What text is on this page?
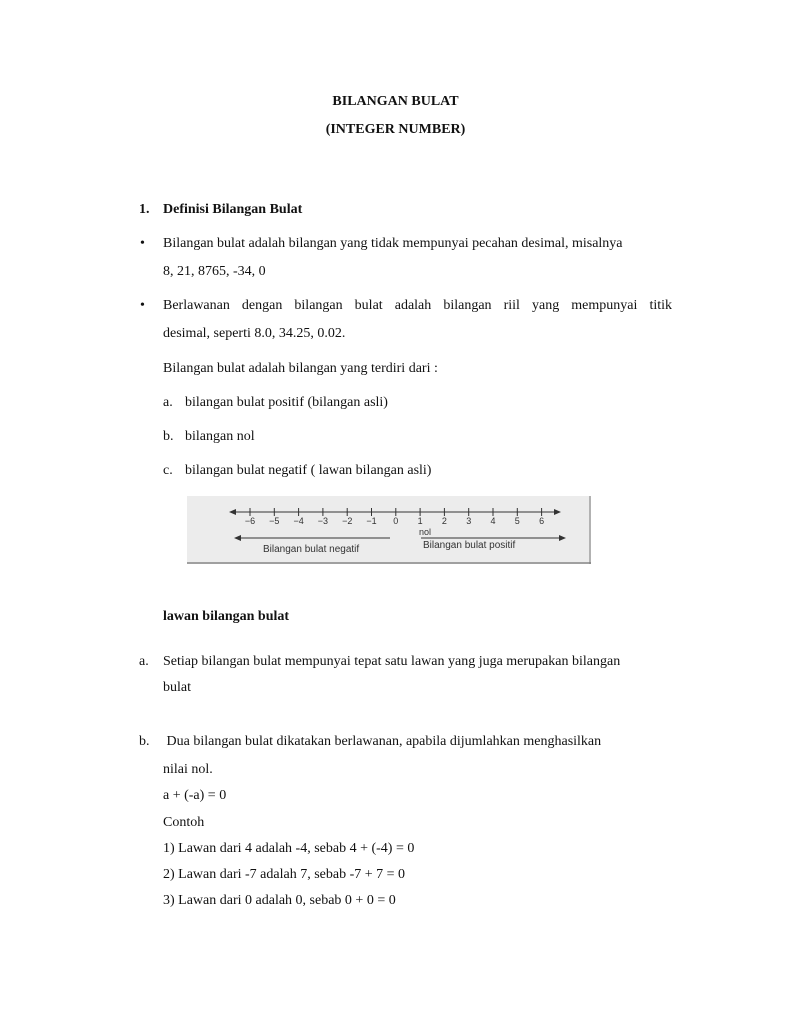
BILANGAN BULAT
(INTEGER NUMBER)
1. Definisi Bilangan Bulat
• Bilangan bulat adalah bilangan yang tidak mempunyai pecahan desimal, misalnya
8, 21, 8765, -34, 0
• Berlawanan dengan bilangan bulat adalah bilangan riil yang mempunyai titik
desimal, seperti 8.0, 34.25, 0.02.
Bilangan bulat adalah bilangan yang terdiri dari :
a. bilangan bulat positif (bilangan asli)
b. bilangan nol
c. bilangan bulat negatif ( lawan bilangan asli)
−6 −5 −4 −3 −2 −1 0 1 2 3 4 5 6
nol
Bilangan bulat negatif	Bilangan bulat positif
lawan bilangan bulat
a. Setiap bilangan bulat mempunyai tepat satu lawan yang juga merupakan bilangan
bulat
b. Dua bilangan bulat dikatakan berlawanan, apabila dijumlahkan menghasilkan
nilai nol.
a + (-a) = 0
Contoh
1) Lawan dari 4 adalah -4, sebab 4 + (-4) = 0
2) Lawan dari -7 adalah 7, sebab -7 + 7 = 0
3) Lawan dari 0 adalah 0, sebab 0 + 0 = 0
